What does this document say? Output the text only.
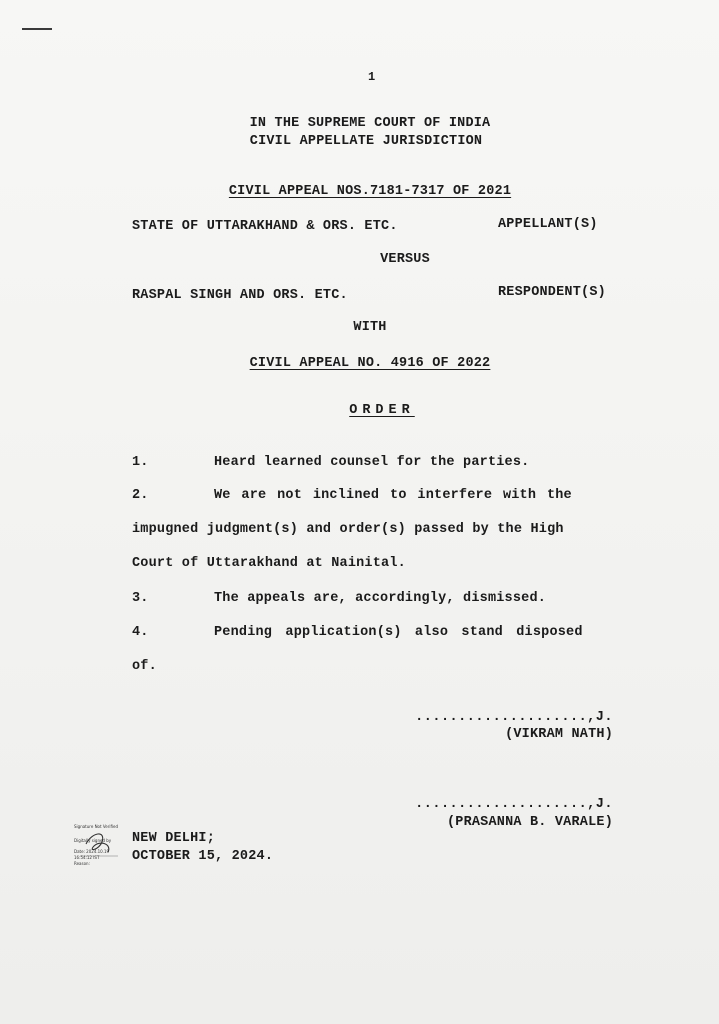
1
IN THE SUPREME COURT OF INDIA
CIVIL APPELLATE JURISDICTION
CIVIL APPEAL NOS.7181-7317 OF 2021
STATE OF UTTARAKHAND & ORS. ETC.	APPELLANT(S)
VERSUS
RASPAL SINGH AND ORS. ETC.	RESPONDENT(S)
WITH
CIVIL APPEAL NO. 4916 OF 2022
ORDER
1.	Heard learned counsel for the parties.
2.	We are not inclined to interfere with the
impugned judgment(s) and order(s) passed by the High
Court of Uttarakhand at Nainital.
3.	The appeals are, accordingly, dismissed.
4.	Pending application(s) also stand disposed
of.
....................,J.
(VIKRAM NATH)
....................,J.
(PRASANNA B. VARALE)
NEW DELHI;
OCTOBER 15, 2024.
Signature Not Verified
Digitally signed by
Date: 2024.10.19
16:54:12 IST
Reason:
